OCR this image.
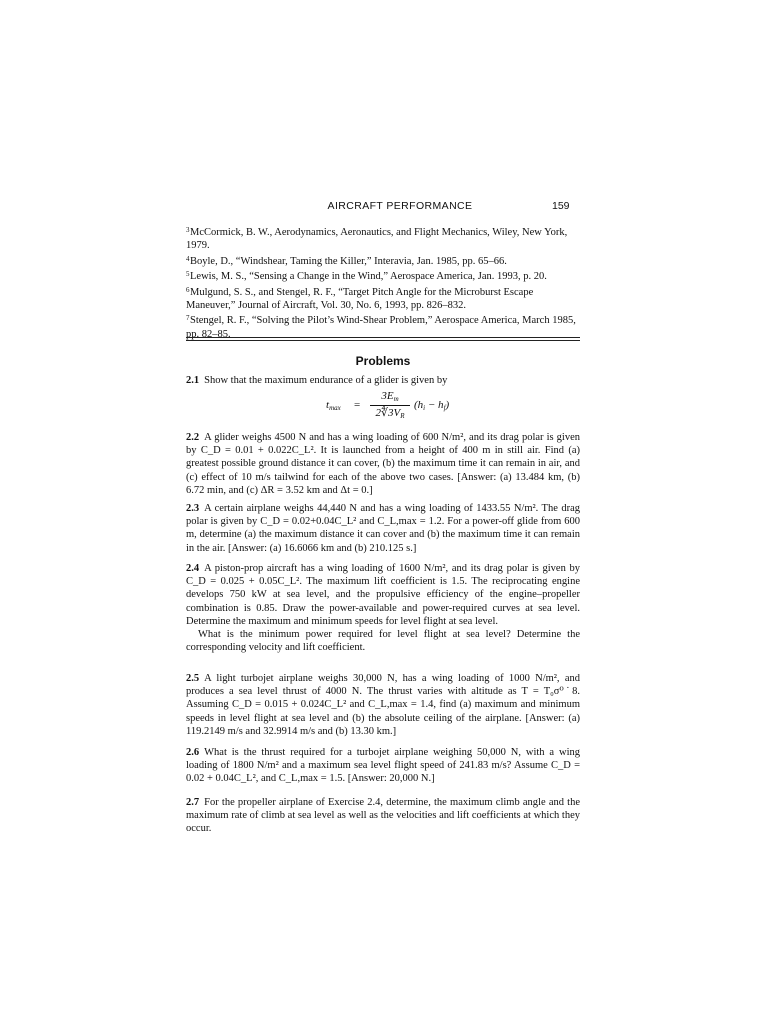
AIRCRAFT PERFORMANCE	159

$^3$McCormick, B. W., Aerodynamics, Aeronautics, and Flight Mechanics, Wiley, New York, 1979.

$^4$Boyle, D., “Windshear, Taming the Killer,” Interavia, Jan. 1985, pp. 65–66.

$^5$Lewis, M. S., “Sensing a Change in the Wind,” Aerospace America, Jan. 1993, p. 20.

$^6$Mulgund, S. S., and Stengel, R. F., “Target Pitch Angle for the Microburst Escape Maneuver,” Journal of Aircraft, Vol. 30, No. 6, 1993, pp. 826–832.

$^7$Stengel, R. F., “Solving the Pilot’s Wind-Shear Problem,” Aerospace America, March 1985, pp. 82–85.

Problems

2.1 Show that the maximum endurance of a glider is given by

$t_{max}$ =
$3E_m$
$2∜3V_R$
$(h_i - h_f)$

2.2 A glider weighs 4500 N and has a wing loading of 600 N/m², and its drag polar is given by C_D = 0.01 + 0.022C_L². It is launched from a height of 400 m in still air. Find (a) greatest possible ground distance it can cover, (b) the maximum time it can remain in air, and (c) effect of 10 m/s tailwind for each of the above two cases. [Answer: (a) 13.484 km, (b) 6.72 min, and (c) ΔR = 3.52 km and Δt = 0.]

2.3 A certain airplane weighs 44,440 N and has a wing loading of 1433.55 N/m². The drag polar is given by C_D = 0.02+0.04C_L² and C_L,max = 1.2. For a power-off glide from 600 m, determine (a) the maximum distance it can cover and (b) the maximum time it can remain in the air. [Answer: (a) 16.6066 km and (b) 210.125 s.]

2.4 A piston-prop aircraft has a wing loading of 1600 N/m², and its drag polar is given by C_D = 0.025 + 0.05C_L². The maximum lift coefficient is 1.5. The reciprocating engine develops 750 kW at sea level, and the propulsive efficiency of the engine–propeller combination is 0.85. Draw the power-available and power-required curves at sea level. Determine the maximum and minimum speeds for level flight at sea level.

What is the minimum power required for level flight at sea level? Determine the corresponding velocity and lift coefficient.

2.5 A light turbojet airplane weighs 30,000 N, has a wing loading of 1000 N/m², and produces a sea level thrust of 4000 N. The thrust varies with altitude as T = T₀σ⁰˙8. Assuming C_D = 0.015 + 0.024C_L² and C_L,max = 1.4, find (a) maximum and minimum speeds in level flight at sea level and (b) the absolute ceiling of the airplane. [Answer: (a) 119.2149 m/s and 32.9914 m/s and (b) 13.30 km.]

2.6 What is the thrust required for a turbojet airplane weighing 50,000 N, with a wing loading of 1800 N/m² and a maximum sea level flight speed of 241.83 m/s? Assume C_D = 0.02 + 0.04C_L², and C_L,max = 1.5. [Answer: 20,000 N.]

2.7 For the propeller airplane of Exercise 2.4, determine, the maximum climb angle and the maximum rate of climb at sea level as well as the velocities and lift coefficients at which they occur.
